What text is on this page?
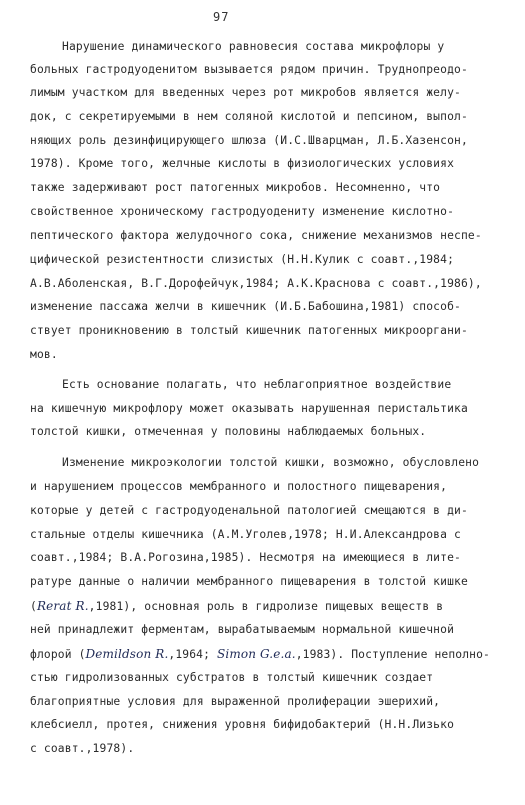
97
Нарушение динамического равновесия состава микрофлоры у
больных гастродуоденитом вызывается рядом причин. Труднопреодо-
лимым участком для введенных через рот микробов является желу-
док, с секретируемыми в нем соляной кислотой и пепсином, выпол-
няющих роль дезинфицирующего шлюза (И.С.Шварцман, Л.Б.Хазенсон,
1978). Кроме того, желчные кислоты в физиологических условиях
также задерживают рост патогенных микробов. Несомненно, что
свойственное хроническому гастродуодениту изменение кислотно-
пептического фактора желудочного сока, снижение механизмов неспе-
цифической резистентности слизистых (Н.Н.Кулик с соавт.,1984;
А.В.Аболенская, В.Г.Дорофейчук,1984; А.К.Краснова с соавт.,1986),
изменение пассажа желчи в кишечник (И.Б.Бабошина,1981) способ-
ствует проникновению в толстый кишечник патогенных микрооргани-
мов.
Есть основание полагать, что неблагоприятное воздействие
на кишечную микрофлору может оказывать нарушенная перистальтика
толстой кишки, отмеченная у половины наблюдаемых больных.
Изменение микроэкологии толстой кишки, возможно, обусловлено
и нарушением процессов мембранного и полостного пищеварения,
которые у детей с гастродуоденальной патологией смещаются в ди-
стальные отделы кишечника (А.М.Уголев,1978; Н.И.Александрова с
соавт.,1984; В.А.Рогозина,1985). Несмотря на имеющиеся в лите-
ратуре данные о наличии мембранного пищеварения в толстой кишке
(Rerat R.,1981), основная роль в гидролизе пищевых веществ в
ней принадлежит ферментам, вырабатываемым нормальной кишечной
флорой (Demildson R.,1964; Simon G.e.a.,1983). Поступление неполно-
стью гидролизованных субстратов в толстый кишечник создает
благоприятные условия для выраженной пролиферации эшерихий,
клебсиелл, протея, снижения уровня бифидобактерий (Н.Н.Лизько
с соавт.,1978).
